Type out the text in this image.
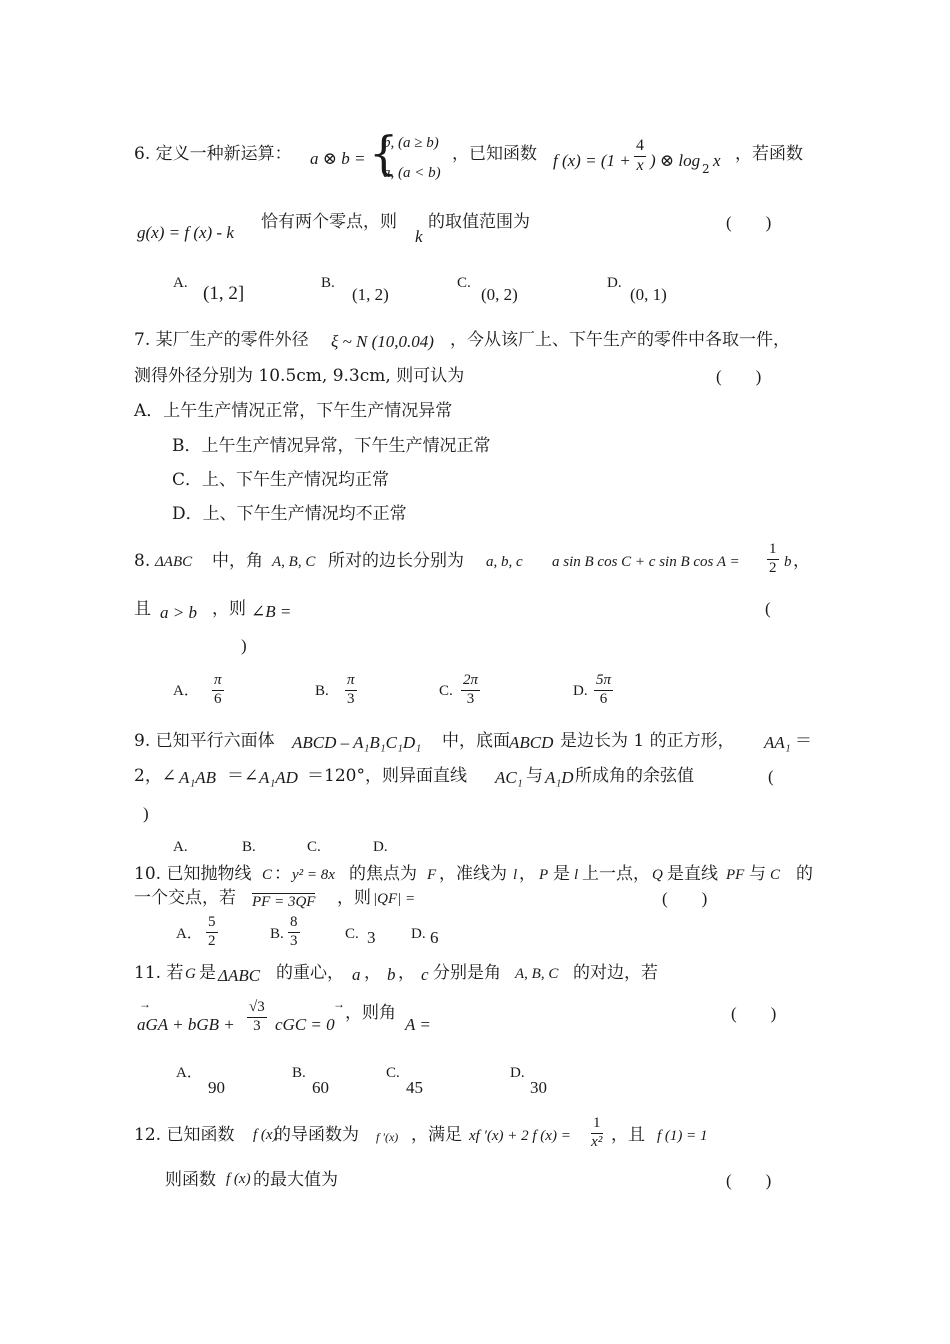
6. 定义一种新运算： a ⊗ b = {
b, (a ≥ b)
a, (a < b)
，已知函数 f $(x) = (1 + \frac{4}{x}$ ) ⊗ log 2 x ，若函数
g(x) = f (x) - k
恰有两个零点，则
k
的取值范围为	(　　)
A. (1, 2]	B.
(1, 2)
C.
(0, 2)
D.
(0, 1)
7. 某厂生产的零件外径 ξ ~ N (10,0.04) ，今从该厂上、下午生产的零件中各取一件，
测得外径分别为 10.5cm, 9.3cm, 则可认为	(　　)
A．上午生产情况正常，下午生产情况异常
B．上午生产情况异常，下午生产情况正常
C．上、下午生产情况均正常
D．上、下午生产情况均不正常
8. ΔABC 中，角 A, B, C 所对的边长分别为 a, b, c a sin B cos C + c sin B $\cos A = \frac{1}{2}$ b ，
且 a > b ，则 ∠B =	(
)
A． $\frac{\pi}{6}$	B. $\frac{\pi}{3}$	C. $\frac{2\pi}{3}$	D. $\frac{5\pi}{6}$
9. 已知平行六面体 ABCD – A₁B₁C₁D₁ 中，底面 ABCD 是边长为 1 的正方形， AA₁ ＝
2，∠ A₁AB ＝∠ A₁AD ＝120°，则异面直线 AC₁ 与 A₁D 所成角的余弦值	(
)
A.	B.	C.	D.
10. 已知抛物线 C ： y² = 8x 的焦点为 F ，准线为 l ， P 是 l 上一点， Q 是直线 PF 与 C 的
一个交点，若 PF = 3QF ，则 |QF| =	(　　)
A． $\frac{5}{2}$	B. $\frac{8}{3}$	C. 3 D. 6
11. 若 G 是 ΔABC 的重心， a ， b ， c 分别是角 A, B, C 的对边，若
→
aGA + bGB + $\frac{√3}{3}$	→
cGC = 0
，则角
A =
(　　)
A．
90
B.
60
C.
45
D.
30
12. 已知函数 f (x)
的导函数为 f ′(x) ，满足 xf ′(x) + 2 f $(x) = \frac{1}{\text{x²}}$ ，且 f (1) = 1
则函数 f (x) 的最大值为	(　　)
